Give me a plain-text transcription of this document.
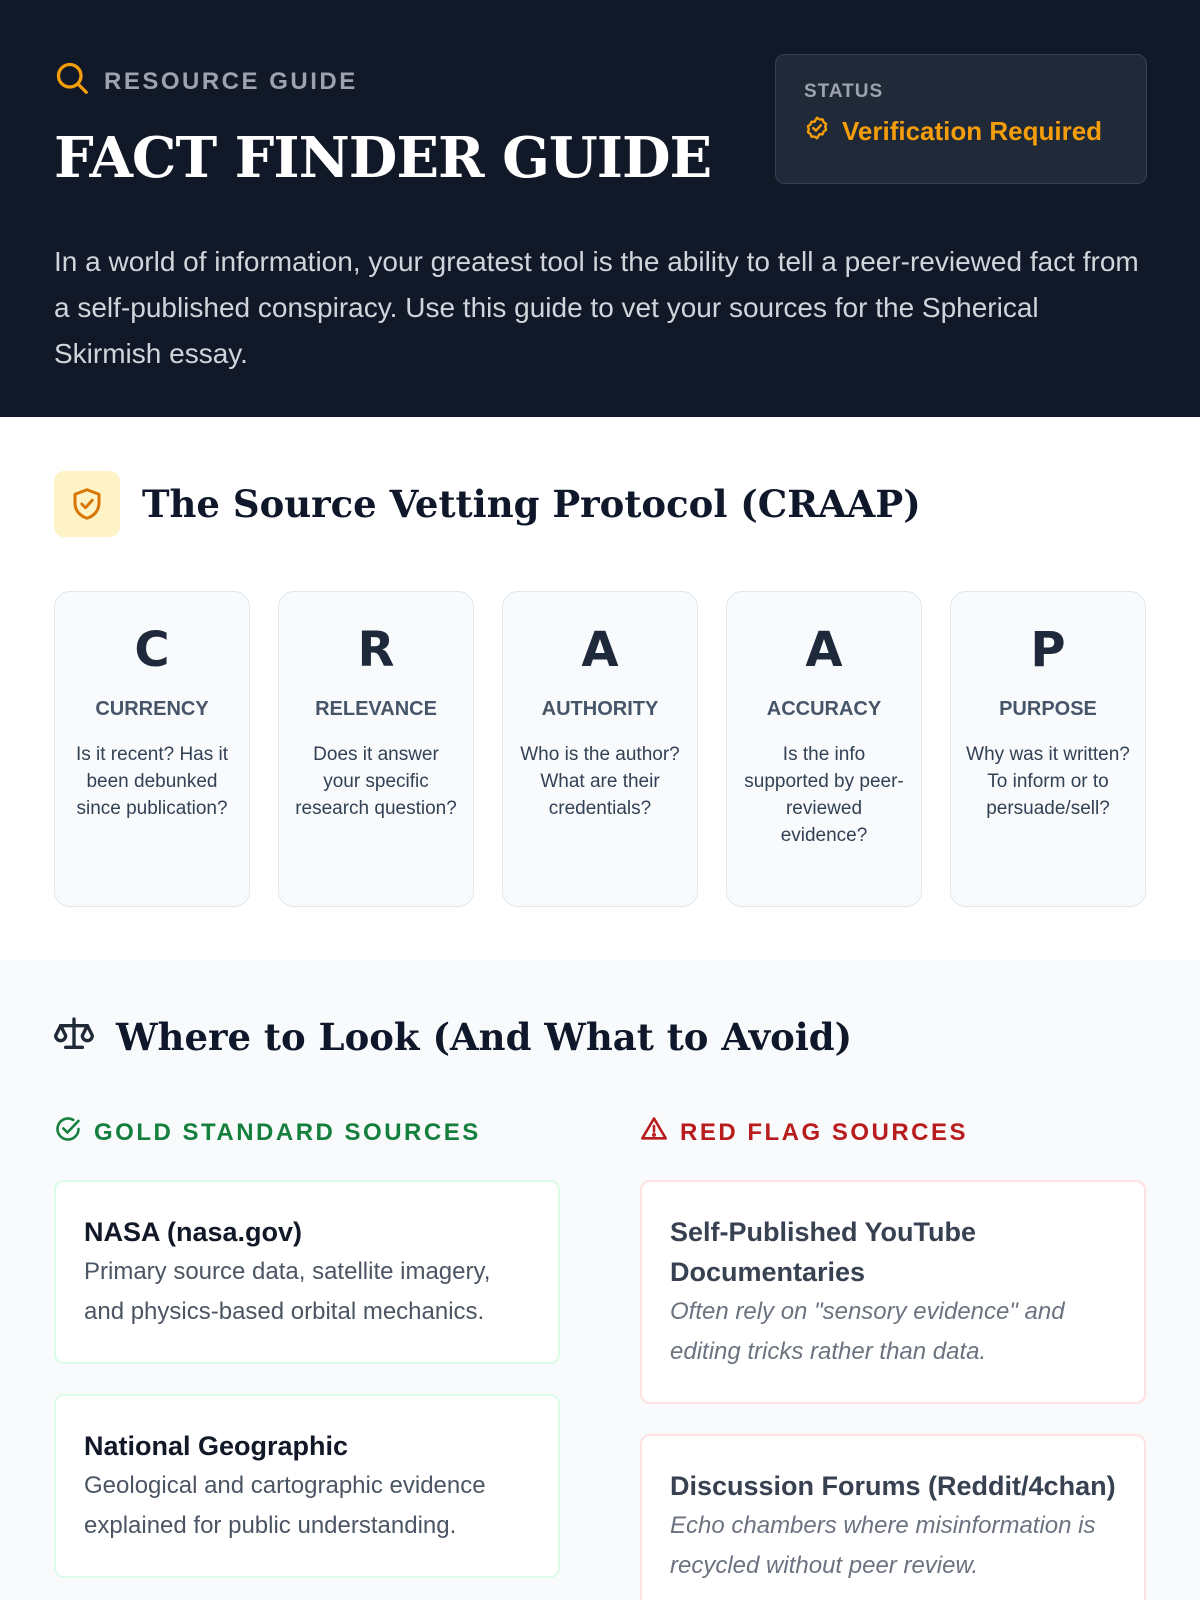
RESOURCE GUIDE
FACT FINDER GUIDE
STATUS
Verification Required

In a world of information, your greatest tool is the ability to tell a peer-reviewed fact from a self-published conspiracy. Use this guide to vet your sources for the Spherical Skirmish essay.

The Source Vetting Protocol (CRAAP)
C
CURRENCY
Is it recent? Has it been debunked since publication?
R
RELEVANCE
Does it answer your specific research question?
A
AUTHORITY
Who is the author? What are their credentials?
A
ACCURACY
Is the info supported by peer-reviewed evidence?
P
PURPOSE
Why was it written? To inform or to persuade/sell?
Where to Look (And What to Avoid)
GOLD STANDARD SOURCES
NASA (nasa.gov)
Primary source data, satellite imagery, and physics-based orbital mechanics.
National Geographic
Geological and cartographic evidence explained for public understanding.
RED FLAG SOURCES
Self-Published YouTube Documentaries
Often rely on "sensory evidence" and editing tricks rather than data.
Discussion Forums (Reddit/4chan)
Echo chambers where misinformation is recycled without peer review.
